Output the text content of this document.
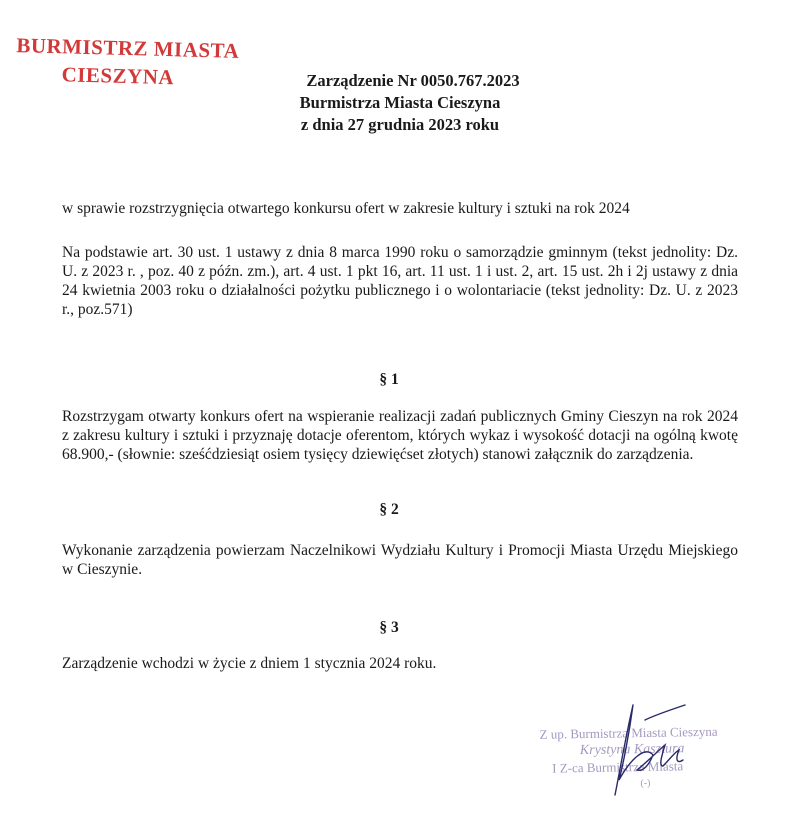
BURMISTRZ MIASTA
CIESZYNA	Zarządzenie Nr 0050.767.2023
Burmistrza Miasta Cieszyna
z dnia 27 grudnia 2023 roku
w sprawie rozstrzygnięcia otwartego konkursu ofert w zakresie kultury i sztuki na rok 2024
Na podstawie art. 30 ust. 1 ustawy z dnia 8 marca 1990 roku o samorządzie gminnym (tekst jednolity: Dz. U. z 2023 r. , poz. 40 z późn. zm.), art. 4 ust. 1 pkt 16, art. 11 ust. 1 i ust. 2, art. 15 ust. 2h i 2j ustawy z dnia 24 kwietnia 2003 roku o działalności pożytku publicznego i o wolontariacie (tekst jednolity: Dz. U. z 2023 r., poz.571)
§ 1
Rozstrzygam otwarty konkurs ofert na wspieranie realizacji zadań publicznych Gminy Cieszyn na rok 2024 z zakresu kultury i sztuki i przyznaję dotacje oferentom, których wykaz i wysokość dotacji na ogólną kwotę 68.900,- (słownie: sześćdziesiąt osiem tysięcy dziewięćset złotych) stanowi załącznik do zarządzenia.
§ 2
Wykonanie zarządzenia powierzam Naczelnikowi Wydziału Kultury i Promocji Miasta Urzędu Miejskiego w Cieszynie.
§ 3
Zarządzenie wchodzi w życie z dniem 1 stycznia 2024 roku.
Z up. Burmistrza Miasta Cieszyna
Krystyna Kasztura
I Z-ca Burmistrza Miasta
(-)
